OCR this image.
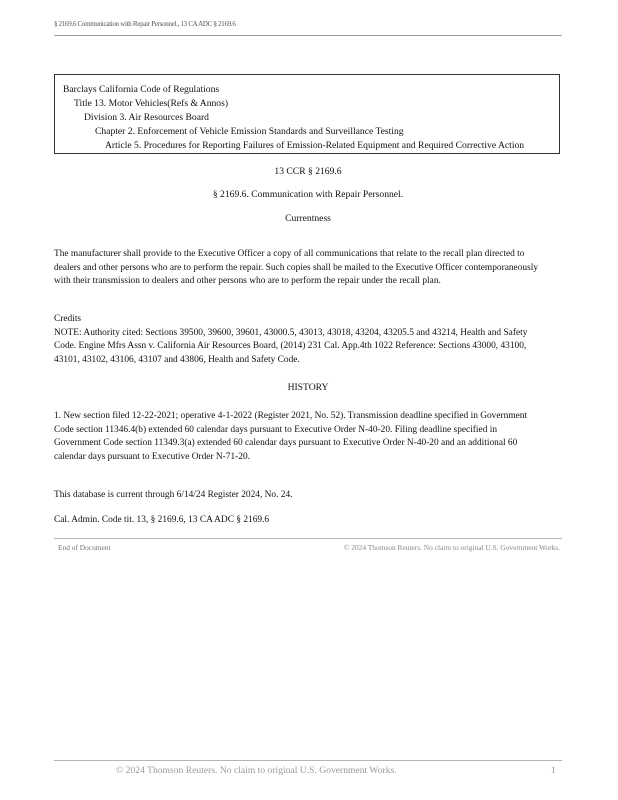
§ 2169.6 Communication with Repair Personnel., 13 CA ADC § 2169.6
Barclays California Code of Regulations
Title 13. Motor Vehicles(Refs & Annos)
Division 3. Air Resources Board
Chapter 2. Enforcement of Vehicle Emission Standards and Surveillance Testing
Article 5. Procedures for Reporting Failures of Emission-Related Equipment and Required Corrective Action
13 CCR § 2169.6
§ 2169.6. Communication with Repair Personnel.
Currentness
The manufacturer shall provide to the Executive Officer a copy of all communications that relate to the recall plan directed to
dealers and other persons who are to perform the repair. Such copies shall be mailed to the Executive Officer contemporaneously
with their transmission to dealers and other persons who are to perform the repair under the recall plan.
Credits
NOTE: Authority cited: Sections 39500, 39600, 39601, 43000.5, 43013, 43018, 43204, 43205.5 and 43214, Health and Safety
Code. Engine Mfrs Assn v. California Air Resources Board, (2014) 231 Cal. App.4th 1022 Reference: Sections 43000, 43100,
43101, 43102, 43106, 43107 and 43806, Health and Safety Code.
HISTORY
1. New section filed 12-22-2021; operative 4-1-2022 (Register 2021, No. 52). Transmission deadline specified in Government
Code section 11346.4(b) extended 60 calendar days pursuant to Executive Order N-40-20. Filing deadline specified in
Government Code section 11349.3(a) extended 60 calendar days pursuant to Executive Order N-40-20 and an additional 60
calendar days pursuant to Executive Order N-71-20.
This database is current through 6/14/24 Register 2024, No. 24.
Cal. Admin. Code tit. 13, § 2169.6, 13 CA ADC § 2169.6
End of Document	© 2024 Thomson Reuters. No claim to original U.S. Government Works.
© 2024 Thomson Reuters. No claim to original U.S. Government Works.	1
